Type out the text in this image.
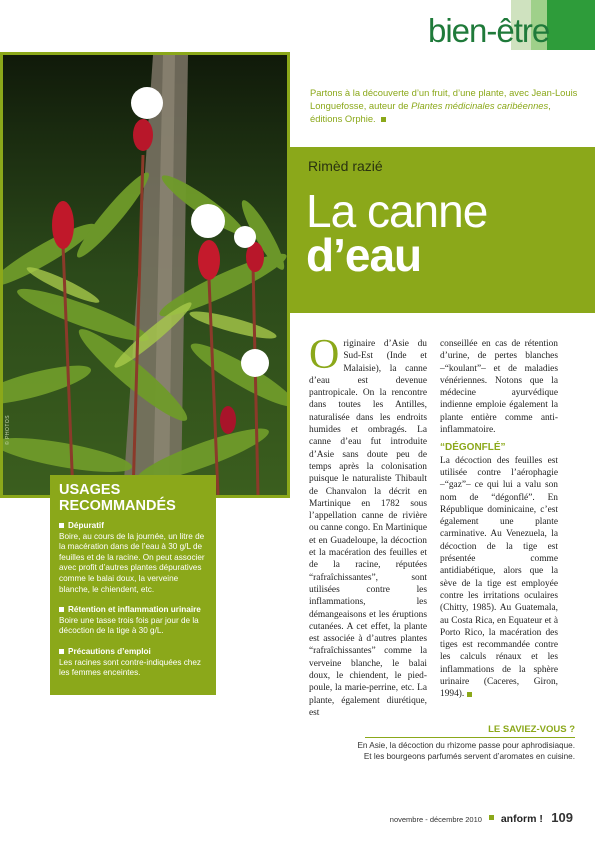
bien-être
© PHOTOS
Partons à la découverte d’un fruit, d’une plante, avec Jean-Louis Longuefosse, auteur de Plantes médicinales caribéennes, éditions Orphie.
Rimèd razié
La canne
d’eau
Originaire d’Asie du Sud-Est (Inde et Malaisie), la canne d’eau est devenue pantropicale. On la rencontre dans toutes les Antilles, naturalisée dans les endroits humides et ombragés. La canne d’eau fut introduite d’Asie sans doute peu de temps après la colonisation puisque le naturaliste Thibault de Chanvalon la décrit en Martinique en 1782 sous l’appellation canne de rivière ou canne congo. En Martinique et en Guadeloupe, la décoction et la macération des feuilles et de la racine, réputées “rafraîchissantes”, sont utilisées contre les inflammations, les démangeaisons et les éruptions cutanées. A cet effet, la plante est associée à d’autres plantes “rafraîchissantes” comme la verveine blanche, le balai doux, le chiendent, le pied-poule, la marie-perrine, etc. La plante, également diurétique, est
conseillée en cas de rétention d’urine, de pertes blanches –“koulant”– et de maladies vénériennes. Notons que la médecine ayurvédique indienne emploie également la plante entière comme anti-inflammatoire.
“DÉGONFLÉ”
La décoction des feuilles est utilisée contre l’aérophagie –“gaz”– ce qui lui a valu son nom de “dégonflé”. En République dominicaine, c’est également une plante carminative. Au Venezuela, la décoction de la tige est présentée comme antidiabétique, alors que la sève de la tige est employée contre les irritations oculaires (Chitty, 1985). Au Guatemala, au Costa Rica, en Equateur et à Porto Rico, la macération des tiges est recommandée contre les calculs rénaux et les inflammations de la sphère urinaire (Caceres, Giron, 1994).
USAGES RECOMMANDÉS
Dépuratif
Boire, au cours de la journée, un litre de la macération dans de l’eau à 30 g/L de feuilles et de la racine. On peut associer avec profit d’autres plantes dépuratives comme le balai doux, la verveine blanche, le chiendent, etc.
Rétention et inflammation urinaire
Boire une tasse trois fois par jour de la décoction de la tige à 30 g/L.
Précautions d’emploi
Les racines sont contre-indiquées chez les femmes enceintes.
LE SAVIEZ-VOUS ?
En Asie, la décoction du rhizome passe pour aphrodisiaque. Et les bourgeons parfumés servent d’aromates en cuisine.
novembre - décembre 2010 anform ! 109
